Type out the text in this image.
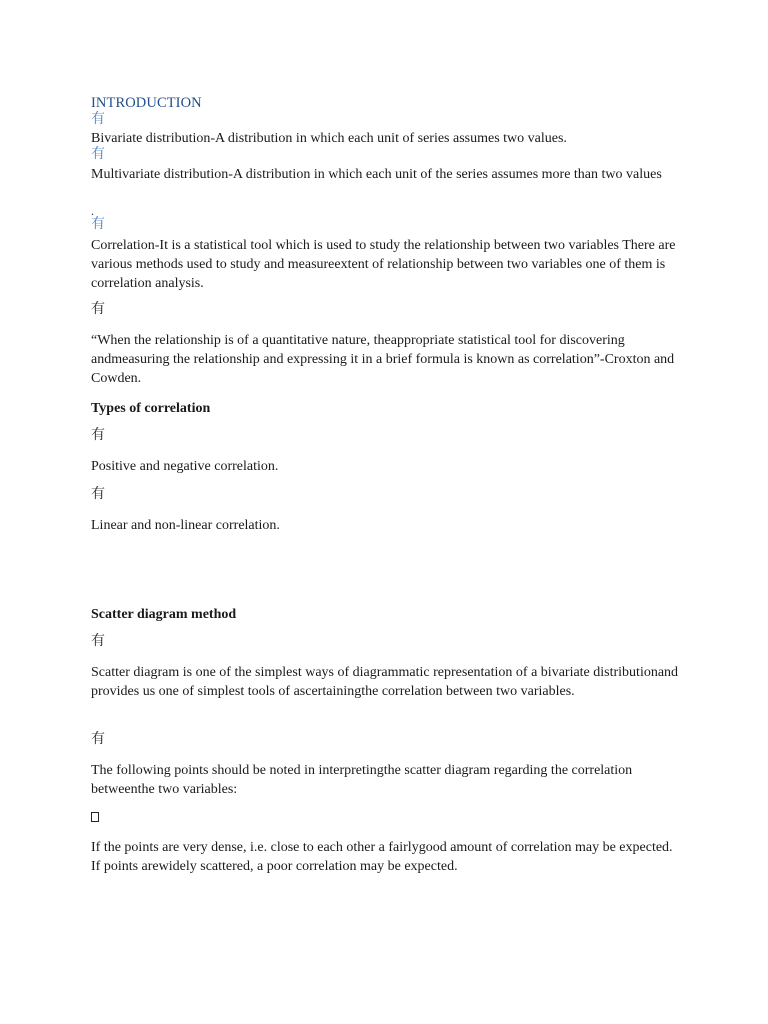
INTRODUCTION
有
Bivariate distribution-A distribution in which each unit of series assumes two values.
有
Multivariate distribution-A distribution in which each unit of the series assumes more than two values
.
有
Correlation-It is a statistical tool which is used to study the relationship between two variables There are various methods used to study and measureextent of relationship between two variables one of them is correlation analysis.
有
“When the relationship is of a quantitative nature, theappropriate statistical tool for discovering andmeasuring the relationship and expressing it in a brief formula is known as correlation”-Croxton and Cowden.
Types of correlation
有
Positive and negative correlation.
有
Linear and non-linear correlation.
Scatter diagram method
有
Scatter diagram is one of the simplest ways of diagrammatic representation of a bivariate distributionand provides us one of simplest tools of ascertainingthe correlation between two variables.
有
The following points should be noted in interpretingthe scatter diagram regarding the correlation betweenthe two variables:
If the points are very dense, i.e. close to each other a fairlygood amount of correlation may be expected. If points arewidely scattered, a poor correlation may be expected.
